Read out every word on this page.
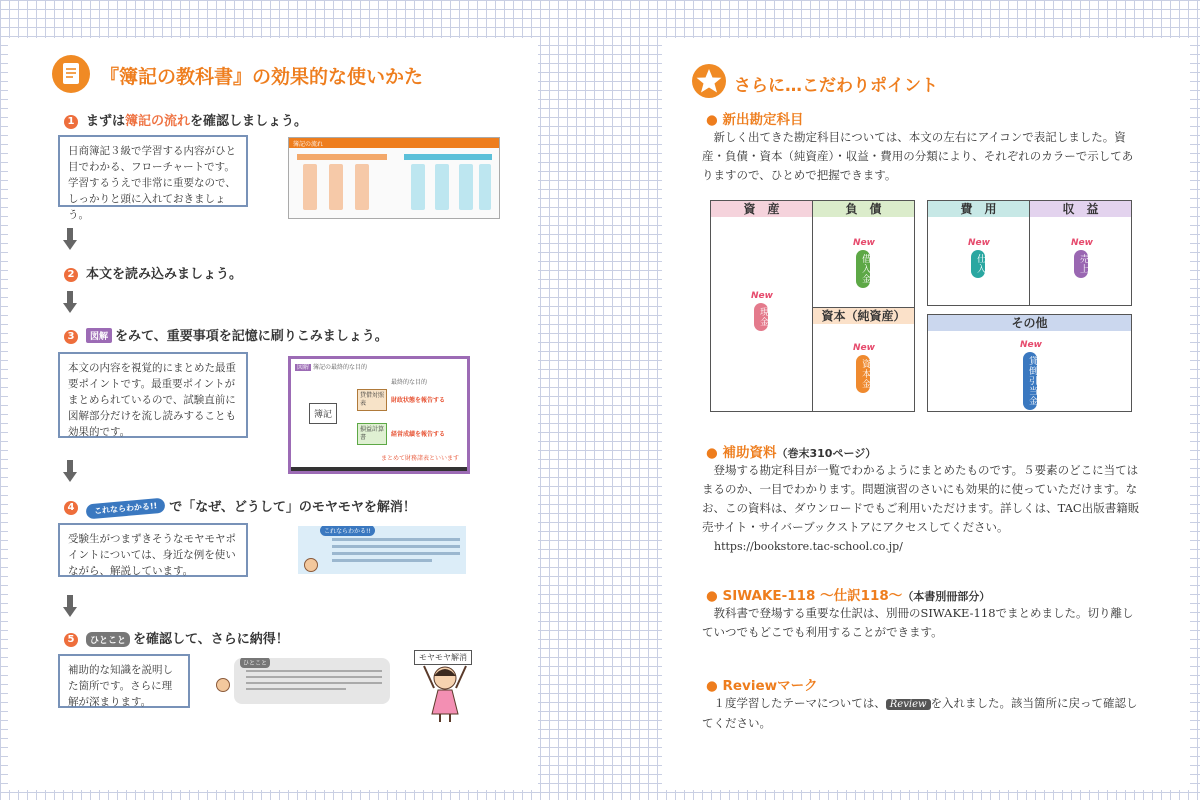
『簿記の教科書』の効果的な使いかた
1 まずは簿記の流れを確認しましょう。
日商簿記３級で学習する内容がひと目でわかる、フローチャートです。学習するうえで非常に重要なので、しっかりと頭に入れておきましょう。
簿記の流れ
2 本文を読み込みましょう。
3 図解 をみて、重要事項を記憶に刷りこみましょう。
本文の内容を視覚的にまとめた最重要ポイントです。最重要ポイントがまとめられているので、試験直前に図解部分だけを流し読みすることも効果的です。
図解 簿記の最終的な目的
簿記
貸借対照表
損益計算書
最終的な目的
財政状態を報告する
経営成績を報告する
まとめて財務諸表といいます
4 これならわかる!! で「なぜ、どうして」のモヤモヤを解消！
受験生がつまずきそうなモヤモヤポイントについては、身近な例を使いながら、解説しています。
これならわかる!!
5 ひとこと を確認して、さらに納得！
補助的な知識を説明した箇所です。さらに理解が深まります。
ひとこと
モヤモヤ解消
さらに…こだわりポイント
● 新出勘定科目
新しく出てきた勘定科目については、本文の左右にアイコンで表記しました。資産・負債・資本（純資産）・収益・費用の分類により、それぞれのカラーで示してありますので、ひとめで把握できます。
資　産	負　債	費　用	収　益
資本（純資産）	その他
New
現金
New
借入金
New
仕入
New
売上
New
資本金
New
貸倒引当金
● 補助資料（巻末310ページ）
登場する勘定科目が一覧でわかるようにまとめたものです。５要素のどこに当てはまるのか、一目でわかります。問題演習のさいにも効果的に使っていただけます。なお、この資料は、ダウンロードでもご利用いただけます。詳しくは、TAC出版書籍販売サイト・サイバーブックストアにアクセスしてください。
https://bookstore.tac-school.co.jp/
● SIWAKE-118 ～仕訳118～（本書別冊部分）
教科書で登場する重要な仕訳は、別冊のSIWAKE-118でまとめました。切り離していつでもどこでも利用することができます。
● Reviewマーク
１度学習したテーマについては、 Review を入れました。該当箇所に戻って確認してください。
